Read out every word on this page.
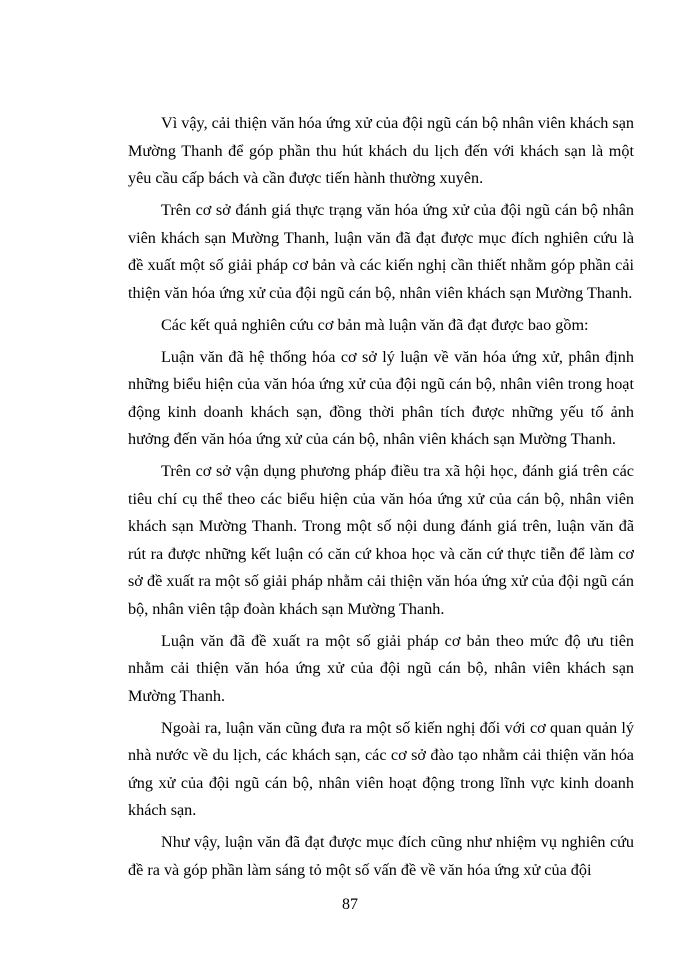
Vì vậy, cải thiện văn hóa ứng xử của đội ngũ cán bộ nhân viên khách sạn Mường Thanh để góp phần thu hút khách du lịch đến với khách sạn là một yêu cầu cấp bách và cần được tiến hành thường xuyên.

Trên cơ sở đánh giá thực trạng văn hóa ứng xử của đội ngũ cán bộ nhân viên khách sạn Mường Thanh, luận văn đã đạt được mục đích nghiên cứu là đề xuất một số giải pháp cơ bản và các kiến nghị cần thiết nhằm góp phần cải thiện văn hóa ứng xử của đội ngũ cán bộ, nhân viên khách sạn Mường Thanh.

Các kết quả nghiên cứu cơ bản mà luận văn đã đạt được bao gồm:

Luận văn đã hệ thống hóa cơ sở lý luận về văn hóa ứng xử, phân định những biểu hiện của văn hóa ứng xử của đội ngũ cán bộ, nhân viên trong hoạt động kinh doanh khách sạn, đồng thời phân tích được những yếu tố ảnh hưởng đến văn hóa ứng xử của cán bộ, nhân viên khách sạn Mường Thanh.

Trên cơ sở vận dụng phương pháp điều tra xã hội học, đánh giá trên các tiêu chí cụ thể theo các biểu hiện của văn hóa ứng xử của cán bộ, nhân viên khách sạn Mường Thanh. Trong một số nội dung đánh giá trên, luận văn đã rút ra được những kết luận có căn cứ khoa học và căn cứ thực tiễn để làm cơ sở đề xuất ra một số giải pháp nhằm cải thiện văn hóa ứng xử của đội ngũ cán bộ, nhân viên tập đoàn khách sạn Mường Thanh.

Luận văn đã đề xuất ra một số giải pháp cơ bản theo mức độ ưu tiên nhằm cải thiện văn hóa ứng xử của đội ngũ cán bộ, nhân viên khách sạn Mường Thanh.

Ngoài ra, luận văn cũng đưa ra một số kiến nghị đối với cơ quan quản lý nhà nước về du lịch, các khách sạn, các cơ sở đào tạo nhằm cải thiện văn hóa ứng xử của đội ngũ cán bộ, nhân viên hoạt động trong lĩnh vực kinh doanh khách sạn.

Như vậy, luận văn đã đạt được mục đích cũng như nhiệm vụ nghiên cứu đề ra và góp phần làm sáng tỏ một số vấn đề về văn hóa ứng xử của đội

87
